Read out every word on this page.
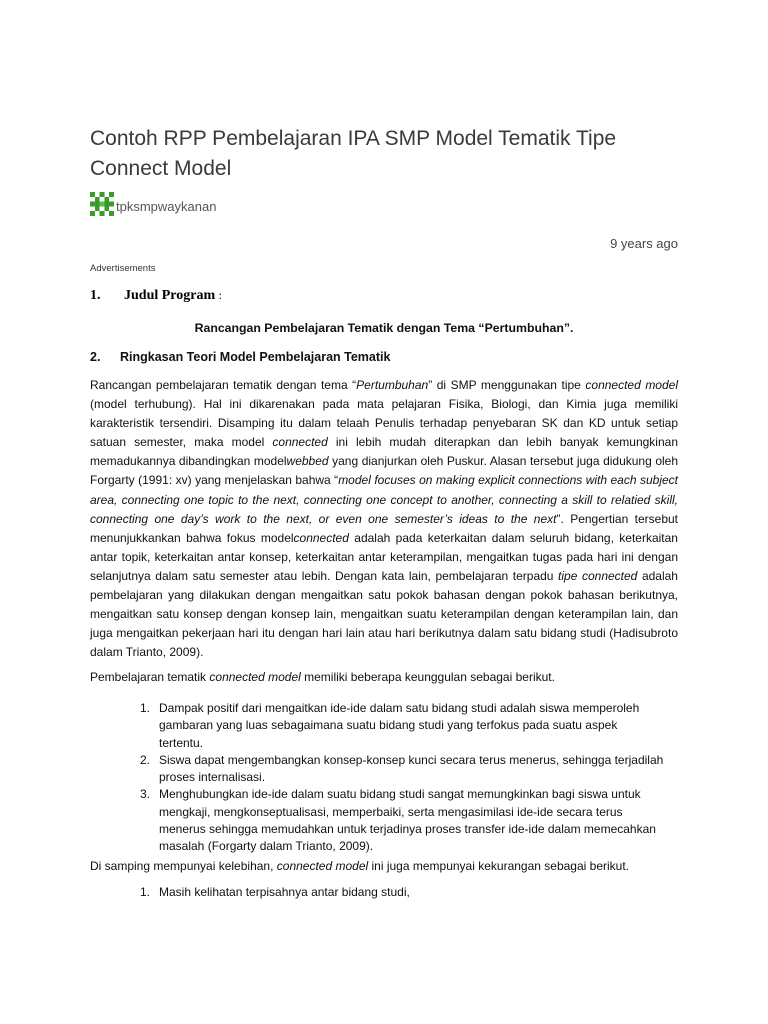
Contoh RPP Pembelajaran IPA SMP Model Tematik Tipe Connect Model
tpksmpwaykanan
9 years ago
Advertisements
1. Judul Program :
Rancangan Pembelajaran Tematik dengan Tema “Pertumbuhan”.
2. Ringkasan Teori Model Pembelajaran Tematik

Rancangan pembelajaran tematik dengan tema “Pertumbuhan” di SMP menggunakan tipe connected model (model terhubung). Hal ini dikarenakan pada mata pelajaran Fisika, Biologi, dan Kimia juga memiliki karakteristik tersendiri. Disamping itu dalam telaah Penulis terhadap penyebaran SK dan KD untuk setiap satuan semester, maka model connected ini lebih mudah diterapkan dan lebih banyak kemungkinan memadukannya dibandingkan modelwebbed yang dianjurkan oleh Puskur. Alasan tersebut juga didukung oleh Forgarty (1991: xv) yang menjelaskan bahwa “model focuses on making explicit connections with each subject area, connecting one topic to the next, connecting one concept to another, connecting a skill to relatied skill, connecting one day’s work to the next, or even one semester’s ideas to the next”. Pengertian tersebut menunjukkankan bahwa fokus modelconnected adalah pada keterkaitan dalam seluruh bidang, keterkaitan antar topik, keterkaitan antar konsep, keterkaitan antar keterampilan, mengaitkan tugas pada hari ini dengan selanjutnya dalam satu semester atau lebih. Dengan kata lain, pembelajaran terpadu tipe connected adalah pembelajaran yang dilakukan dengan mengaitkan satu pokok bahasan dengan pokok bahasan berikutnya, mengaitkan satu konsep dengan konsep lain, mengaitkan suatu keterampilan dengan keterampilan lain, dan juga mengaitkan pekerjaan hari itu dengan hari lain atau hari berikutnya dalam satu bidang studi (Hadisubroto dalam Trianto, 2009).

Pembelajaran tematik connected model memiliki beberapa keunggulan sebagai berikut.

1. Dampak positif dari mengaitkan ide-ide dalam satu bidang studi adalah siswa memperoleh
gambaran yang luas sebagaimana suatu bidang studi yang terfokus pada suatu aspek
tertentu.
2. Siswa dapat mengembangkan konsep-konsep kunci secara terus menerus, sehingga terjadilah
proses internalisasi.
3. Menghubungkan ide-ide dalam suatu bidang studi sangat memungkinkan bagi siswa untuk
mengkaji, mengkonseptualisasi, memperbaiki, serta mengasimilasi ide-ide secara terus
menerus sehingga memudahkan untuk terjadinya proses transfer ide-ide dalam memecahkan
masalah (Forgarty dalam Trianto, 2009).

Di samping mempunyai kelebihan, connected model ini juga mempunyai kekurangan sebagai berikut.

1. Masih kelihatan terpisahnya antar bidang studi,
